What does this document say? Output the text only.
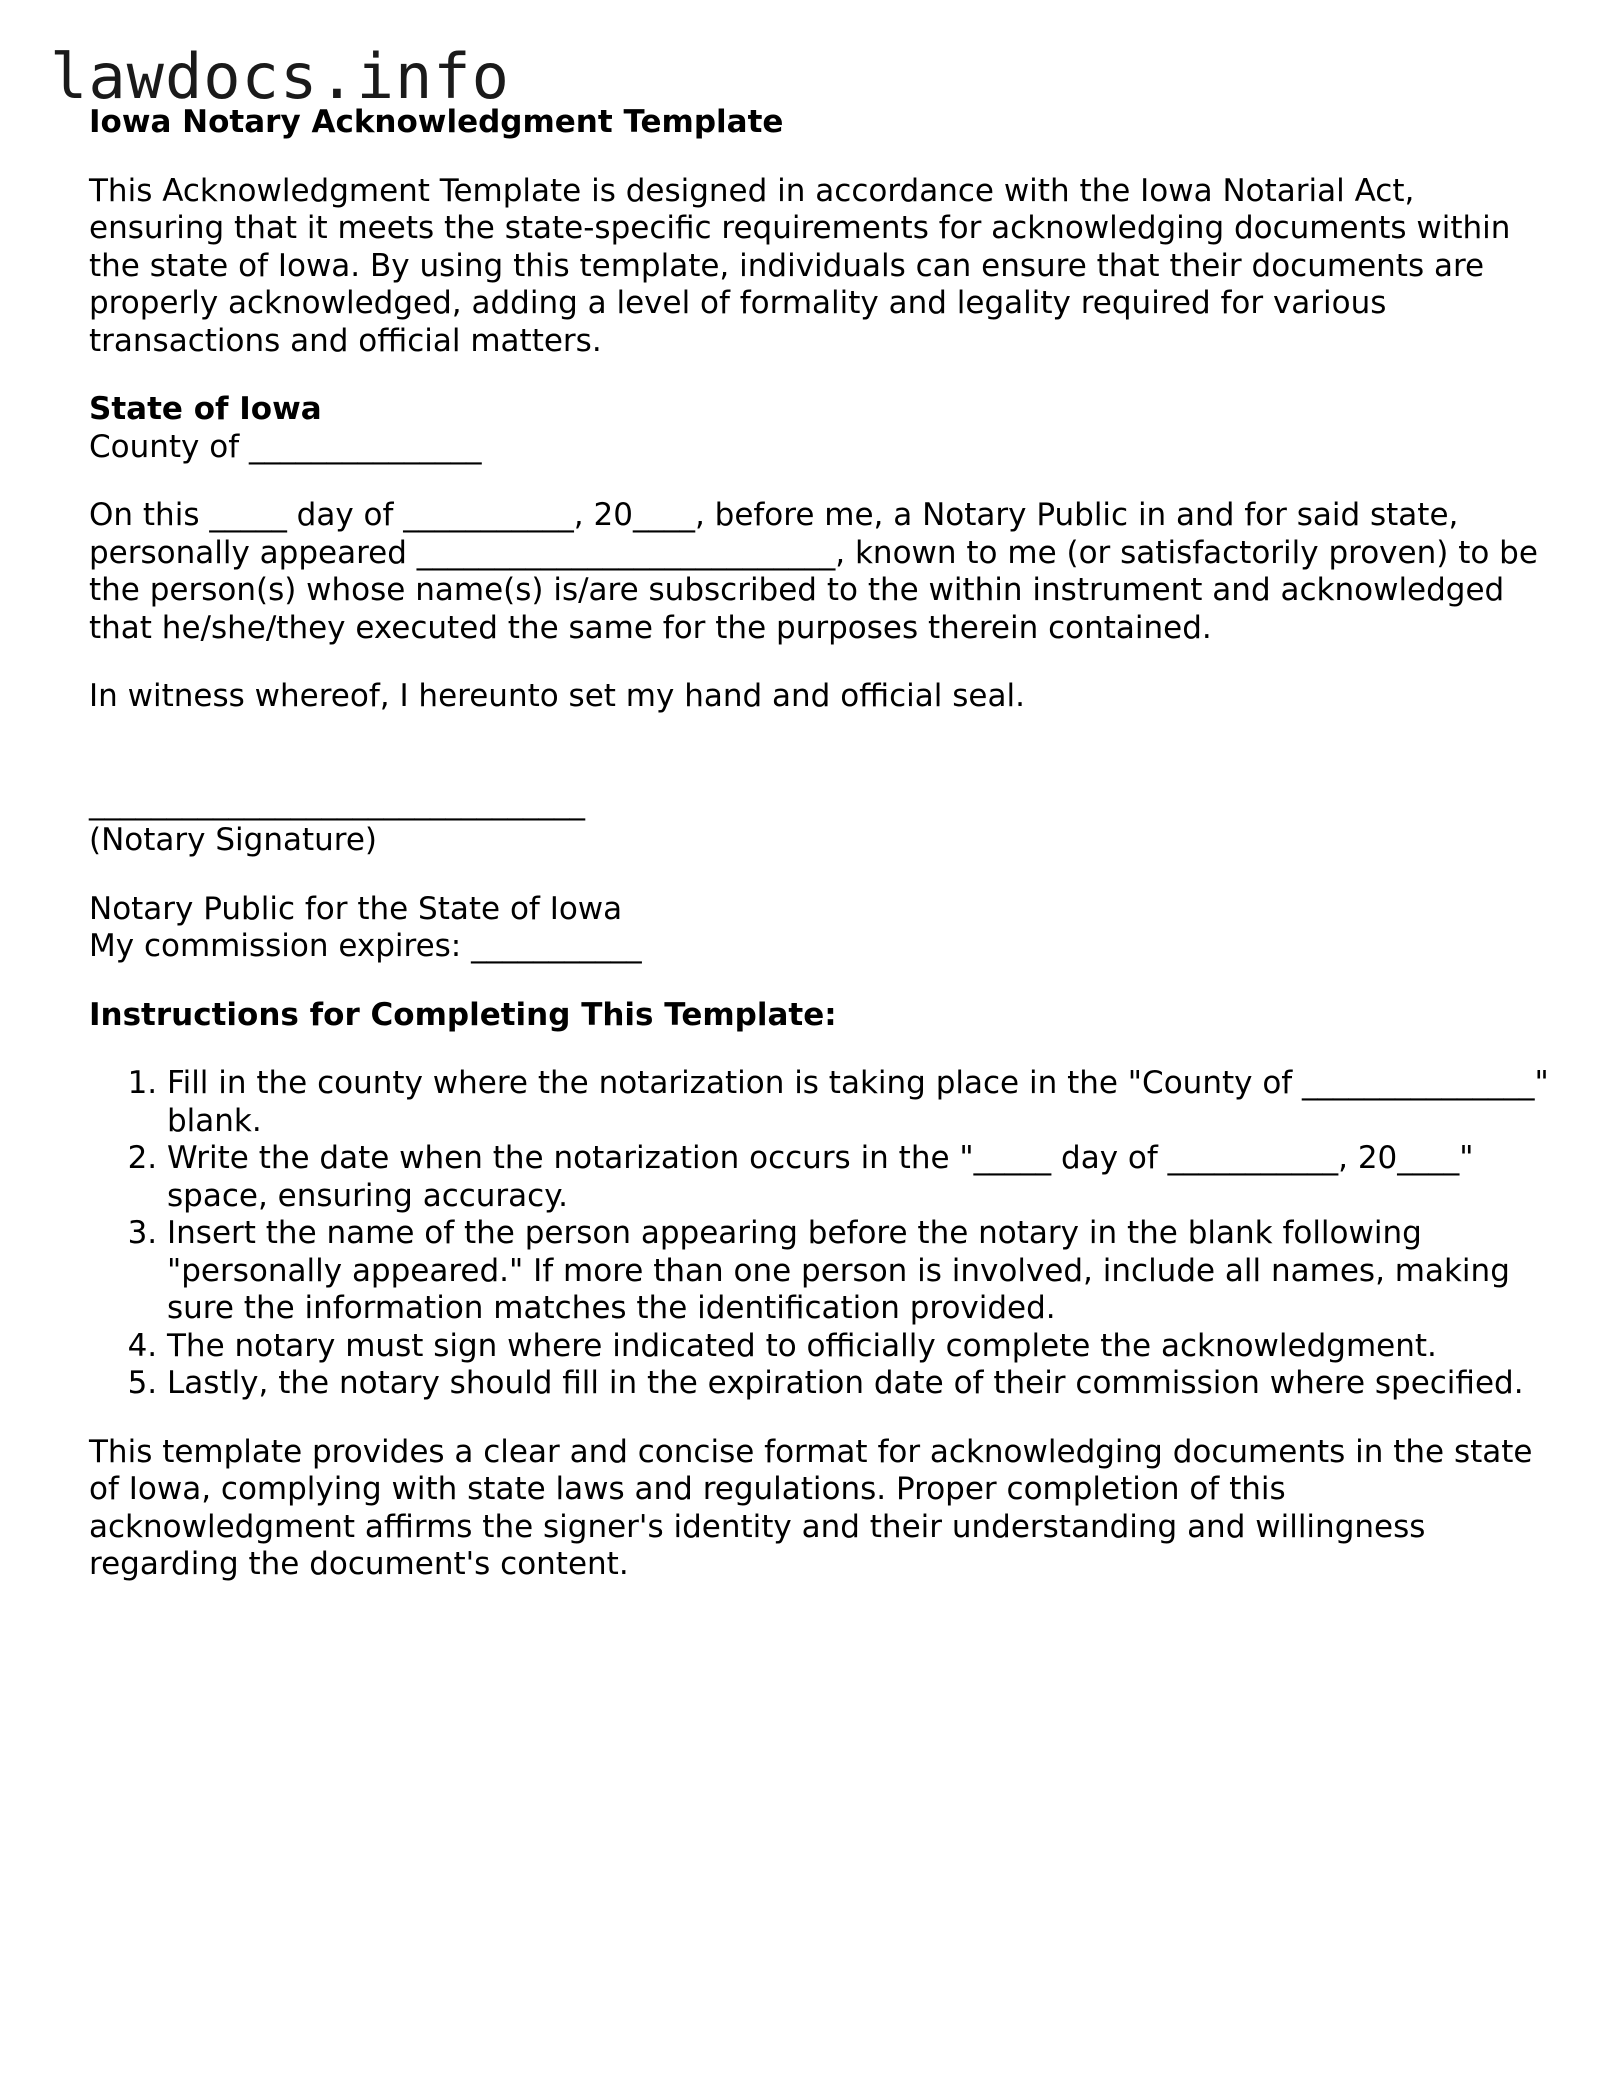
lawdocs.info
Iowa Notary Acknowledgment Template

This Acknowledgment Template is designed in accordance with the Iowa Notarial Act, ensuring that it meets the state-specific requirements for acknowledging documents within the state of Iowa. By using this template, individuals can ensure that their documents are properly acknowledged, adding a level of formality and legality required for various transactions and official matters.

State of Iowa
County of _______________

On this _____ day of ___________, 20____, before me, a Notary Public in and for said state, personally appeared ___________________________, known to me (or satisfactorily proven) to be the person(s) whose name(s) is/are subscribed to the within instrument and acknowledged that he/she/they executed the same for the purposes therein contained.

In witness whereof, I hereunto set my hand and official seal.

________________________________
(Notary Signature)

Notary Public for the State of Iowa
My commission expires: ___________

Instructions for Completing This Template:

1. Fill in the county where the notarization is taking place in the "County of _______________" blank.
2. Write the date when the notarization occurs in the "_____ day of ___________, 20____" space, ensuring accuracy.
3. Insert the name of the person appearing before the notary in the blank following "personally appeared." If more than one person is involved, include all names, making sure the information matches the identification provided.
4. The notary must sign where indicated to officially complete the acknowledgment.
5. Lastly, the notary should fill in the expiration date of their commission where specified.

This template provides a clear and concise format for acknowledging documents in the state of Iowa, complying with state laws and regulations. Proper completion of this acknowledgment affirms the signer's identity and their understanding and willingness regarding the document's content.
